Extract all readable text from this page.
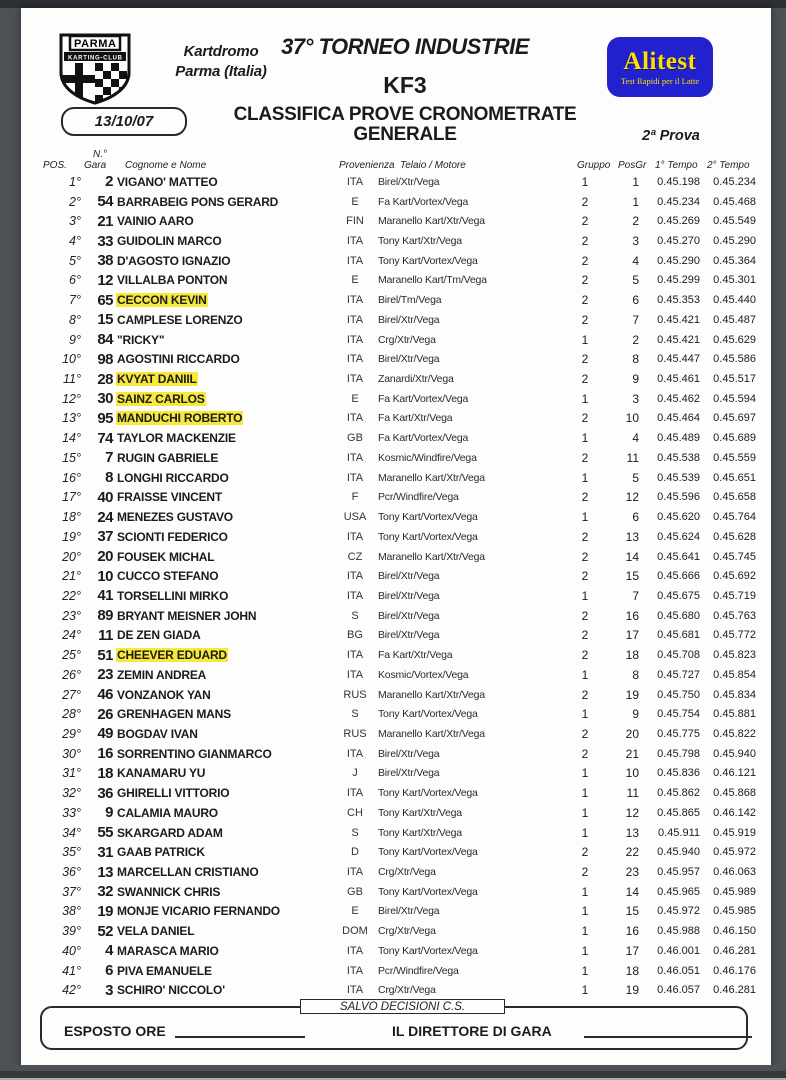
PARMA
KARTING-CLUB	Kartdromo
Parma (Italia)
37° TORNEO INDUSTRIE
KF3
Alitest
Test Rapidi per il Latte
13/10/07	CLASSIFICA PROVE CRONOMETRATE
GENERALE	2ª Prova
POS.
N.°
Gara Cognome e Nome	Provenienza Telaio / Motore	Gruppo PosGr 1° Tempo 2° Tempo
1°	2 VIGANO' MATTEO	ITA	Birel/Xtr/Vega	1	1	0.45.198	0.45.234
2°	54 BARRABEIG PONS GERARD	E	Fa Kart/Vortex/Vega	2	1	0.45.234	0.45.468
3°	21 VAINIO AARO	FIN	Maranello Kart/Xtr/Vega	2	2	0.45.269	0.45.549
4°	33 GUIDOLIN MARCO	ITA	Tony Kart/Xtr/Vega	2	3	0.45.270	0.45.290
5°	38 D'AGOSTO IGNAZIO	ITA	Tony Kart/Vortex/Vega	2	4	0.45.290	0.45.364
6°	12 VILLALBA PONTON	E	Maranello Kart/Tm/Vega	2	5	0.45.299	0.45.301
7°	65 CECCON KEVIN	ITA	Birel/Tm/Vega	2	6	0.45.353	0.45.440
8°	15 CAMPLESE LORENZO	ITA	Birel/Xtr/Vega	2	7	0.45.421	0.45.487
9°	84 "RICKY"	ITA	Crg/Xtr/Vega	1	2	0.45.421	0.45.629
10°	98 AGOSTINI RICCARDO	ITA	Birel/Xtr/Vega	2	8	0.45.447	0.45.586
11°	28 KVYAT DANIIL	ITA	Zanardi/Xtr/Vega	2	9	0.45.461	0.45.517
12°	30 SAINZ CARLOS	E	Fa Kart/Vortex/Vega	1	3	0.45.462	0.45.594
13°	95 MANDUCHI ROBERTO	ITA	Fa Kart/Xtr/Vega	2	10	0.45.464	0.45.697
14°	74 TAYLOR MACKENZIE	GB	Fa Kart/Vortex/Vega	1	4	0.45.489	0.45.689
15°	7 RUGIN GABRIELE	ITA	Kosmic/Windfire/Vega	2	11	0.45.538	0.45.559
16°	8 LONGHI RICCARDO	ITA	Maranello Kart/Xtr/Vega	1	5	0.45.539	0.45.651
17°	40 FRAISSE VINCENT	F	Pcr/Windfire/Vega	2	12	0.45.596	0.45.658
18°	24 MENEZES GUSTAVO	USA	Tony Kart/Vortex/Vega	1	6	0.45.620	0.45.764
19°	37 SCIONTI FEDERICO	ITA	Tony Kart/Vortex/Vega	2	13	0.45.624	0.45.628
20°	20 FOUSEK MICHAL	CZ	Maranello Kart/Xtr/Vega	2	14	0.45.641	0.45.745
21°	10 CUCCO STEFANO	ITA	Birel/Xtr/Vega	2	15	0.45.666	0.45.692
22°	41 TORSELLINI MIRKO	ITA	Birel/Xtr/Vega	1	7	0.45.675	0.45.719
23°	89 BRYANT MEISNER JOHN	S	Birel/Xtr/Vega	2	16	0.45.680	0.45.763
24°	11 DE ZEN GIADA	BG	Birel/Xtr/Vega	2	17	0.45.681	0.45.772
25°	51 CHEEVER EDUARD	ITA	Fa Kart/Xtr/Vega	2	18	0.45.708	0.45.823
26°	23 ZEMIN ANDREA	ITA	Kosmic/Vortex/Vega	1	8	0.45.727	0.45.854
27°	46 VONZANOK YAN	RUS	Maranello Kart/Xtr/Vega	2	19	0.45.750	0.45.834
28°	26 GRENHAGEN MANS	S	Tony Kart/Vortex/Vega	1	9	0.45.754	0.45.881
29°	49 BOGDAV IVAN	RUS	Maranello Kart/Xtr/Vega	2	20	0.45.775	0.45.822
30°	16 SORRENTINO GIANMARCO	ITA	Birel/Xtr/Vega	2	21	0.45.798	0.45.940
31°	18 KANAMARU YU	J	Birel/Xtr/Vega	1	10	0.45.836	0.46.121
32°	36 GHIRELLI VITTORIO	ITA	Tony Kart/Vortex/Vega	1	11	0.45.862	0.45.868
33°	9 CALAMIA MAURO	CH	Tony Kart/Xtr/Vega	1	12	0.45.865	0.46.142
34°	55 SKARGARD ADAM	S	Tony Kart/Xtr/Vega	1	13	0.45.911	0.45.919
35°	31 GAAB PATRICK	D	Tony Kart/Vortex/Vega	2	22	0.45.940	0.45.972
36°	13 MARCELLAN CRISTIANO	ITA	Crg/Xtr/Vega	2	23	0.45.957	0.46.063
37°	32 SWANNICK CHRIS	GB	Tony Kart/Vortex/Vega	1	14	0.45.965	0.45.989
38°	19 MONJE VICARIO FERNANDO	E	Birel/Xtr/Vega	1	15	0.45.972	0.45.985
39°	52 VELA DANIEL	DOM Crg/Xtr/Vega	1	16	0.45.988	0.46.150
40°	4 MARASCA MARIO	ITA	Tony Kart/Vortex/Vega	1	17	0.46.001	0.46.281
41°	6 PIVA EMANUELE	ITA	Pcr/Windfire/Vega	1	18	0.46.051	0.46.176
42°	3 SCHIRO' NICCOLO'	ITA	Crg/Xtr/Vega	1	19	0.46.057	0.46.281
SALVO DECISIONI C.S.
ESPOSTO ORE	IL DIRETTORE DI GARA
